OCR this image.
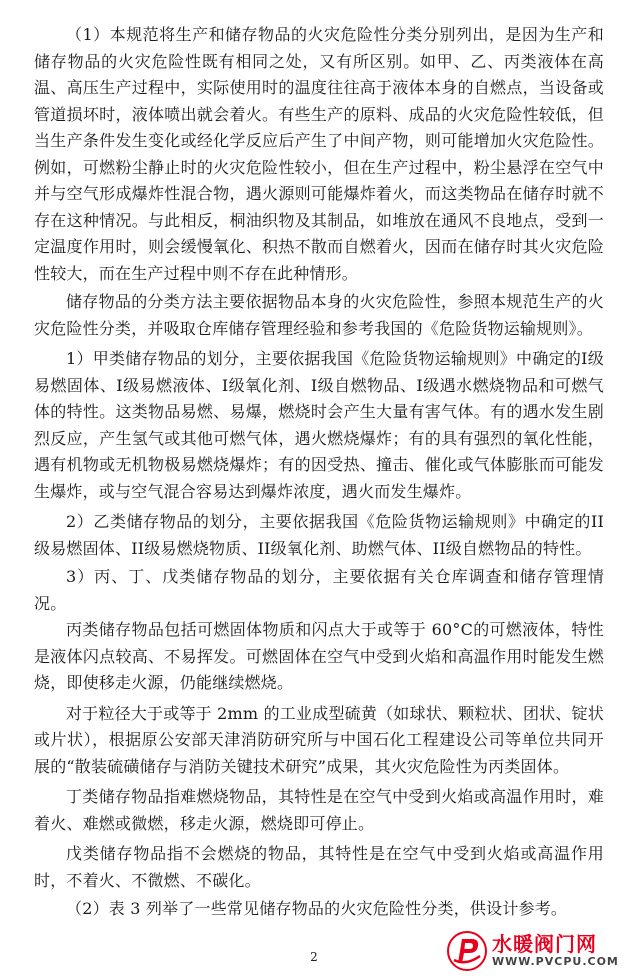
（1）本规范将生产和储存物品的火灾危险性分类分别列出，是因为生产和储存物品的火灾危险性既有相同之处，又有所区别。如甲、乙、丙类液体在高温、高压生产过程中，实际使用时的温度往往高于液体本身的自燃点，当设备或管道损坏时，液体喷出就会着火。有些生产的原料、成品的火灾危险性较低，但当生产条件发生变化或经化学反应后产生了中间产物，则可能增加火灾危险性。例如，可燃粉尘静止时的火灾危险性较小，但在生产过程中，粉尘悬浮在空气中并与空气形成爆炸性混合物，遇火源则可能爆炸着火，而这类物品在储存时就不存在这种情况。与此相反，桐油织物及其制品，如堆放在通风不良地点，受到一定温度作用时，则会缓慢氧化、积热不散而自燃着火，因而在储存时其火灾危险性较大，而在生产过程中则不存在此种情形。

储存物品的分类方法主要依据物品本身的火灾危险性，参照本规范生产的火灾危险性分类，并吸取仓库储存管理经验和参考我国的《危险货物运输规则》。

1）甲类储存物品的划分，主要依据我国《危险货物运输规则》中确定的I级易燃固体、I级易燃液体、I级氧化剂、I级自燃物品、I级遇水燃烧物品和可燃气体的特性。这类物品易燃、易爆，燃烧时会产生大量有害气体。有的遇水发生剧烈反应，产生氢气或其他可燃气体，遇火燃烧爆炸；有的具有强烈的氧化性能，遇有机物或无机物极易燃烧爆炸；有的因受热、撞击、催化或气体膨胀而可能发生爆炸，或与空气混合容易达到爆炸浓度，遇火而发生爆炸。

2）乙类储存物品的划分，主要依据我国《危险货物运输规则》中确定的II级易燃固体、II级易燃烧物质、II级氧化剂、助燃气体、II级自燃物品的特性。

3）丙、丁、戊类储存物品的划分，主要依据有关仓库调查和储存管理情况。

丙类储存物品包括可燃固体物质和闪点大于或等于 60°C的可燃液体，特性是液体闪点较高、不易挥发。可燃固体在空气中受到火焰和高温作用时能发生燃烧，即使移走火源，仍能继续燃烧。

对于粒径大于或等于 2mm 的工业成型硫黄（如球状、颗粒状、团状、锭状或片状），根据原公安部天津消防研究所与中国石化工程建设公司等单位共同开展的“散装硫磺储存与消防关键技术研究”成果，其火灾危险性为丙类固体。

丁类储存物品指难燃烧物品，其特性是在空气中受到火焰或高温作用时，难着火、难燃或微燃，移走火源，燃烧即可停止。

戊类储存物品指不会燃烧的物品，其特性是在空气中受到火焰或高温作用时，不着火、不微燃、不碳化。

（2）表 3 列举了一些常见储存物品的火灾危险性分类，供设计参考。

2
水暖阀门网
WWW.PVCPU.COM
